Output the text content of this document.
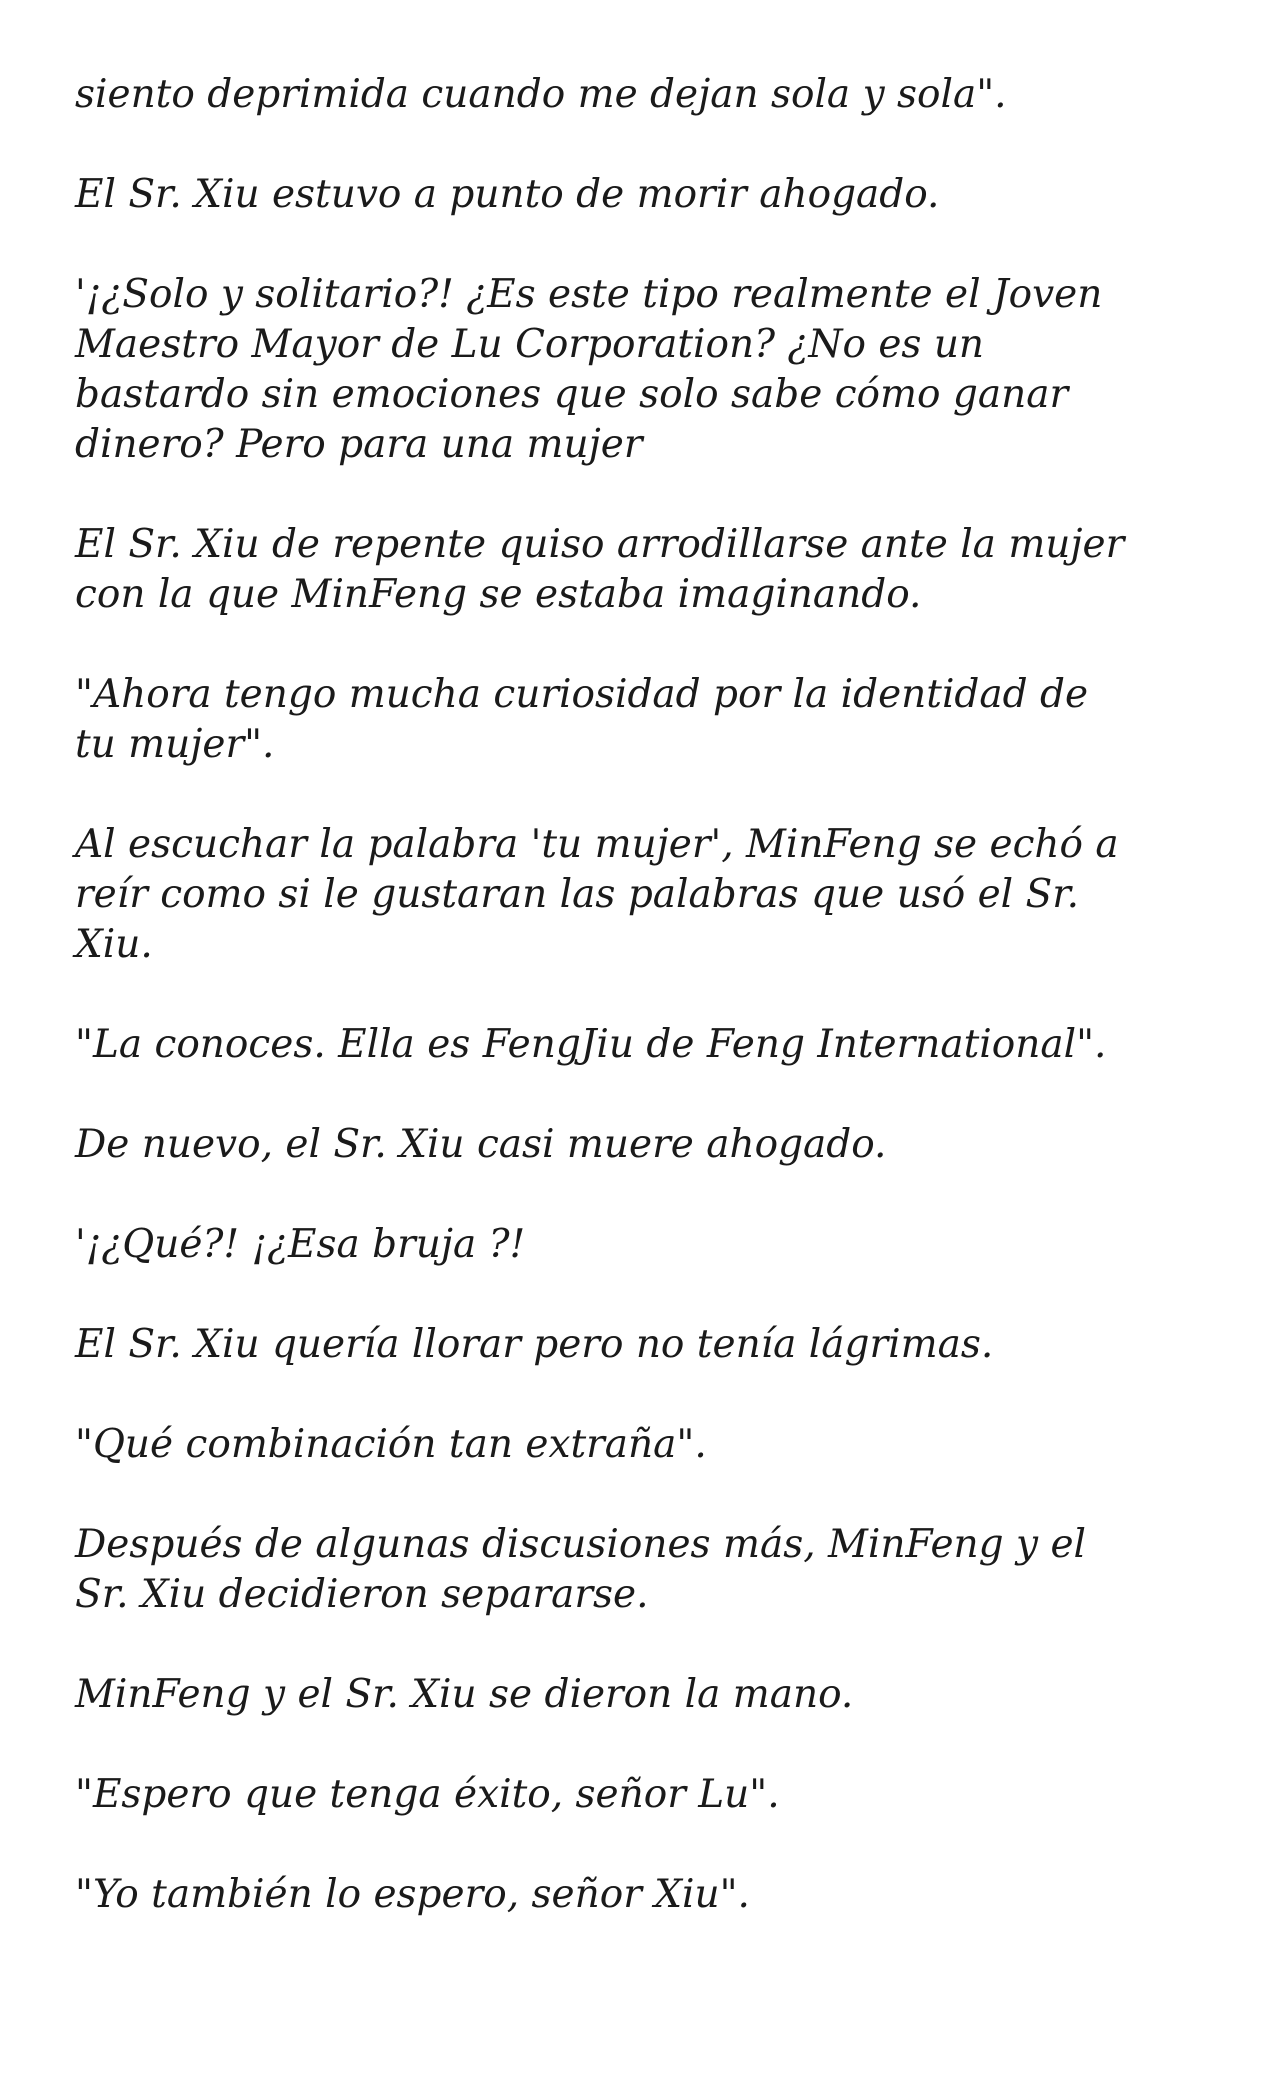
siento deprimida cuando me dejan sola y sola".

El Sr. Xiu estuvo a punto de morir ahogado.

'¡¿Solo y solitario?! ¿Es este tipo realmente el Joven
Maestro Mayor de Lu Corporation? ¿No es un
bastardo sin emociones que solo sabe cómo ganar
dinero? Pero para una mujer

El Sr. Xiu de repente quiso arrodillarse ante la mujer
con la que MinFeng se estaba imaginando.

"Ahora tengo mucha curiosidad por la identidad de
tu mujer".

Al escuchar la palabra 'tu mujer', MinFeng se echó a
reír como si le gustaran las palabras que usó el Sr.
Xiu.

"La conoces. Ella es FengJiu de Feng International".

De nuevo, el Sr. Xiu casi muere ahogado.

'¡¿Qué?! ¡¿Esa bruja ?!

El Sr. Xiu quería llorar pero no tenía lágrimas.

"Qué combinación tan extraña".

Después de algunas discusiones más, MinFeng y el
Sr. Xiu decidieron separarse.

MinFeng y el Sr. Xiu se dieron la mano.

"Espero que tenga éxito, señor Lu".

"Yo también lo espero, señor Xiu".
